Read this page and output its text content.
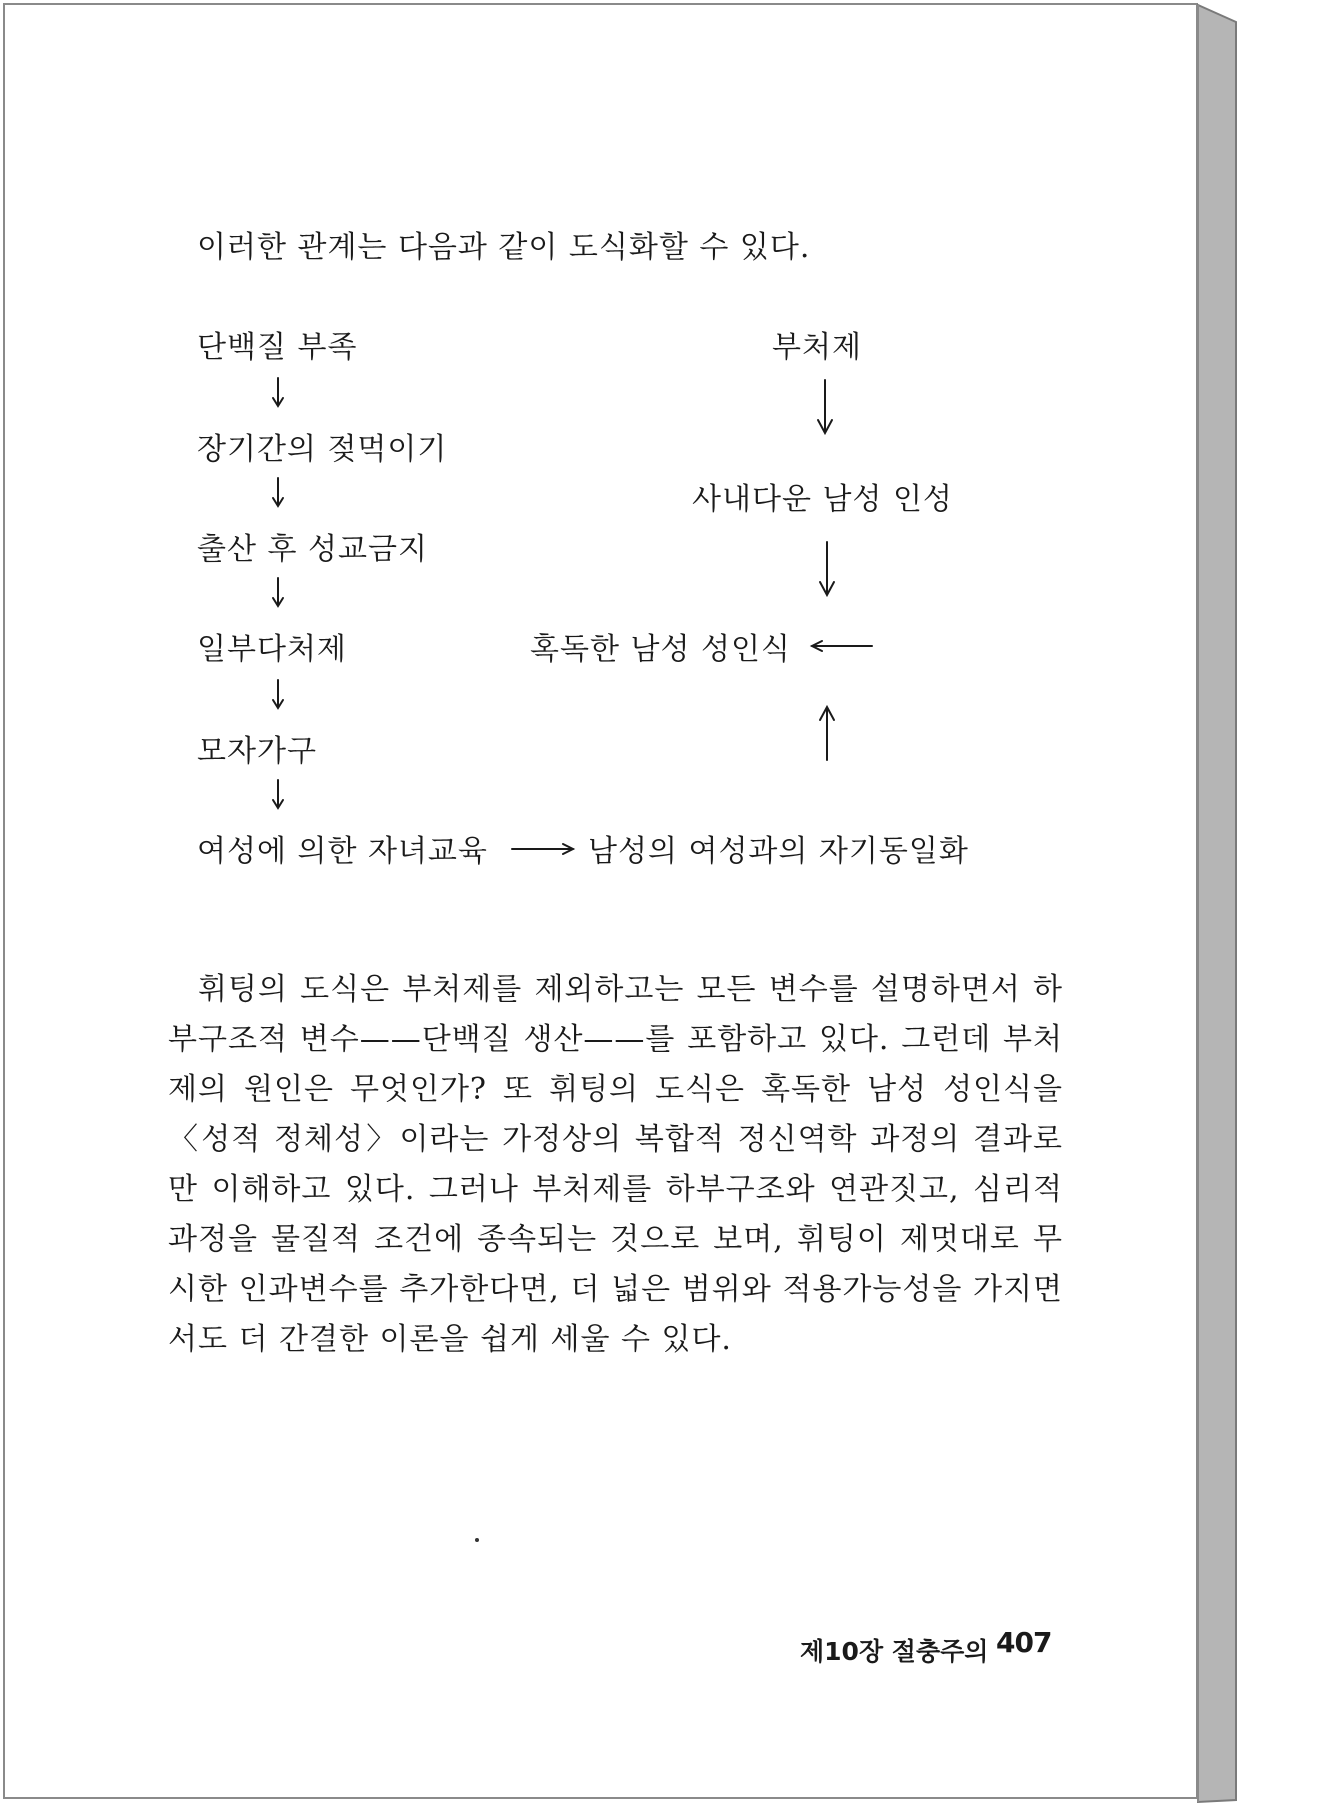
이러한 관계는 다음과 같이 도식화할 수 있다.
단백질 부족
장기간의 젖먹이기
출산 후 성교금지
일부다처제
모자가구
여성에 의한 자녀교육
부처제
사내다운 남성 인성
혹독한 남성 성인식
남성의 여성과의 자기동일화

휘팅의 도식은 부처제를 제외하고는 모든 변수를 설명하면서 하부구조적 변수——단백질 생산——를 포함하고 있다. 그런데 부처제의 원인은 무엇인가? 또 휘팅의 도식은 혹독한 남성 성인식을 〈성적 정체성〉이라는 가정상의 복합적 정신역학 과정의 결과로만 이해하고 있다. 그러나 부처제를 하부구조와 연관짓고, 심리적 과정을 물질적 조건에 종속되는 것으로 보며, 휘팅이 제멋대로 무시한 인과변수를 추가한다면, 더 넓은 범위와 적용가능성을 가지면서도 더 간결한 이론을 쉽게 세울 수 있다.

제10장 절충주의 407
